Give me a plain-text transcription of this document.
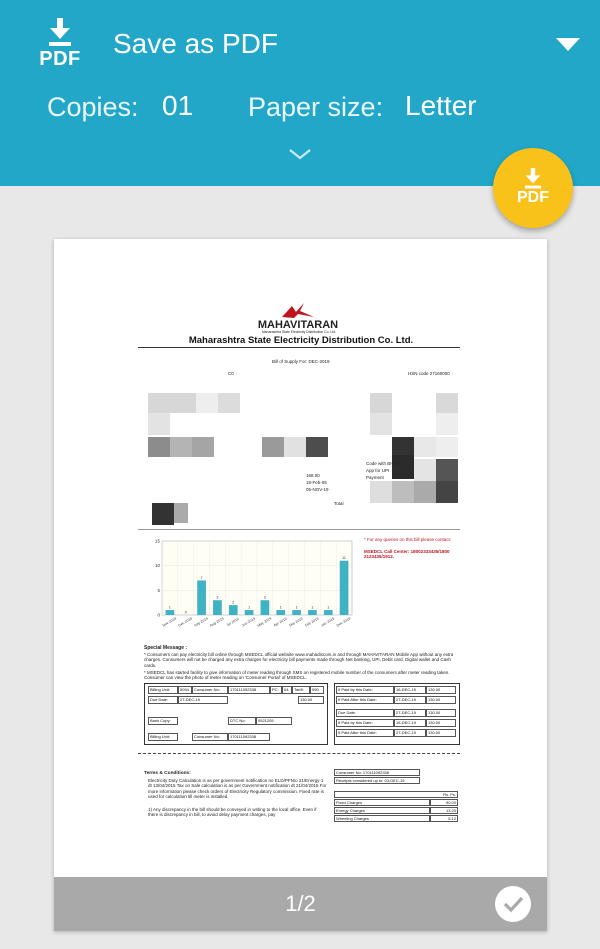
PDF Save as PDF
Copies: 01 Paper size: Letter
PDF
MAHAVITARAN
Maharashtra State Electricity Distribution Co. Ltd.
Maharashtra State Electricity Distribution Co. Ltd.
Bill of Supply For: DEC-2019
C0	HSN code 27160000
168.00
18-Feb-05
05-NOV-19
Total
Code with BHIM
App for UPI
Payment
* For any queries on this bill please contact:
MSEDCL Call Center: 18002333435/1800 2123435/1912.
0
5
10
15
1
Nov 2018
0
Dec 2018
7
Sep 2019
3
Aug 2019
2
Jul 2019
1
Jun 2019
3
May 2019
1
Apr 2019
1
Mar 2019
1
Feb 2019
1
Jan 2019
11
Dec 2019
Special Message :
* Consumers can pay electricity bill online through MSEDCL official website www.mahadiscom.in and through MAHAVITARAN Mobile App without any extra charges. Consumers will not be charged any extra charges for electricity bill payments made through Net banking, UPI, Debit card, Digital wallet and Cash cards.
* MSEDCL has started facility to give information of meter reading through SMS on registered mobile number of the consumers after meter reading taken. Consumer can view the photo of meter reading on 'Consumer Portal' of MSEDCL.
Billing Unit:	5094	Consumer No:	170111092338	PC:	04	Tariff:	090
Due Date:	27-DEC-19	130.00
Bank Copy:	DTC No:	0521205
Billing Unit:	Consumer No:	170111092338
If Paid by this Date:	16-DEC-19	130.00
If Paid After this Date:	27-DEC-19	130.00
Due Date:	27-DEC-19	130.00
If Paid by this Date:	16-DEC-19	130.00
If Paid After this Date:	27-DEC-19	130.00
Terms & Conditions:
Electricity Duty Calculation is as per government notification no ELD/PFN/o 21/Energy-1 dt 13/04/2015 Tax on Sale calculation is as per Government notification dt 21/04/2015 For more information please check orders of Electricity Regulatory commission. Fixed rate is used for calculation till meter is installed.
1) Any discrepancy in the bill should be conveyed in writing to the local office. Even if there is discrepancy in bill, to avoid delay payment charges, pay
Consumer No: 170111092338
Receipts considered up to: 03-DEC-19
Rs. Ps.
Fixed Charges	90.00
Energy Charges	13.20
Wheeling Charges	5.12
1/2
